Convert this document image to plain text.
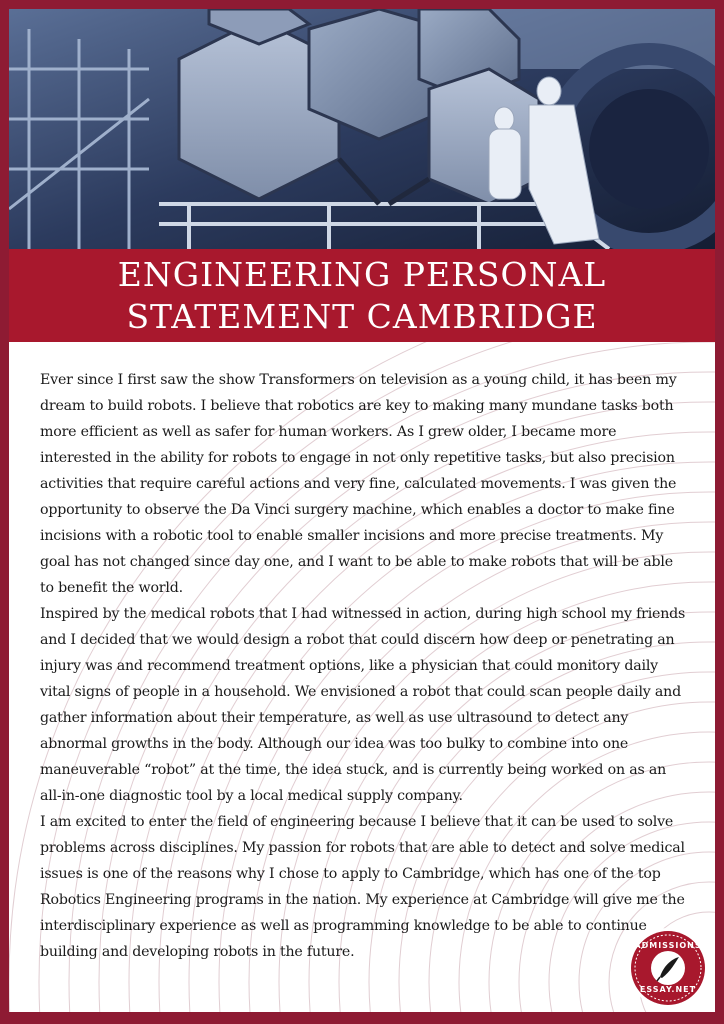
ENGINEERING PERSONAL
STATEMENT CAMBRIDGE

Ever since I first saw the show Transformers on television as a young child, it has been my dream to build robots. I believe that robotics are key to making many mundane tasks both more efficient as well as safer for human workers. As I grew older, I became more interested in the ability for robots to engage in not only repetitive tasks, but also precision activities that require careful actions and very fine, calculated movements. I was given the opportunity to observe the Da Vinci surgery machine, which enables a doctor to make fine incisions with a robotic tool to enable smaller incisions and more precise treatments. My goal has not changed since day one, and I want to be able to make robots that will be able to benefit the world.

Inspired by the medical robots that I had witnessed in action, during high school my friends and I decided that we would design a robot that could discern how deep or penetrating an injury was and recommend treatment options, like a physician that could monitory daily vital signs of people in a household. We envisioned a robot that could scan people daily and gather information about their temperature, as well as use ultrasound to detect any abnormal growths in the body. Although our idea was too bulky to combine into one maneuverable “robot” at the time, the idea stuck, and is currently being worked on as an all-in-one diagnostic tool by a local medical supply company.

I am excited to enter the field of engineering because I believe that it can be used to solve problems across disciplines. My passion for robots that are able to detect and solve medical issues is one of the reasons why I chose to apply to Cambridge, which has one of the top Robotics Engineering programs in the nation. My experience at Cambridge will give me the interdisciplinary experience as well as programming knowledge to be able to continue building and developing robots in the future.	ADMISSIONS
ESSAY.NET
